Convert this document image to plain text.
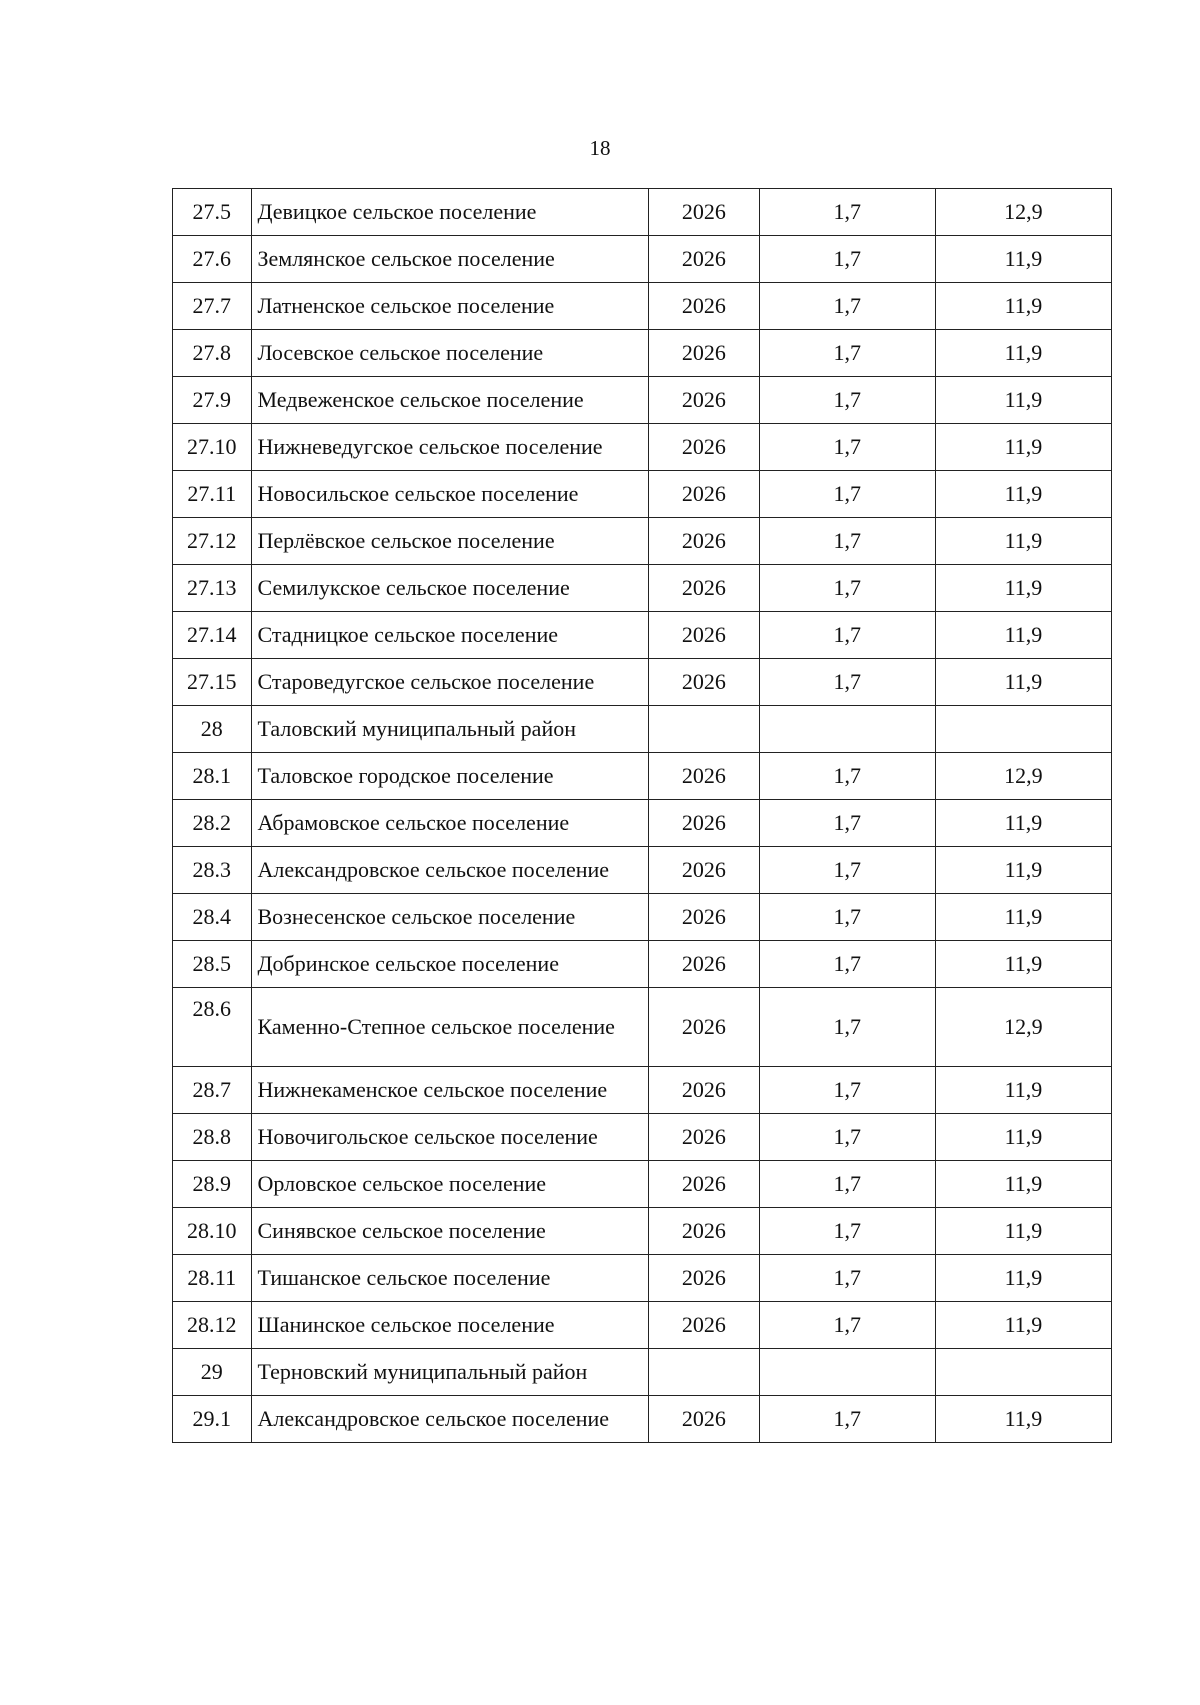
18
27.5	Девицкое сельское поселение	2026	1,7	12,9
27.6	Землянское сельское поселение	2026	1,7	11,9
27.7	Латненское сельское поселение	2026	1,7	11,9
27.8	Лосевское сельское поселение	2026	1,7	11,9
27.9	Медвеженское сельское поселение	2026	1,7	11,9
27.10	Нижневедугское сельское поселение	2026	1,7	11,9
27.11	Новосильское сельское поселение	2026	1,7	11,9
27.12	Перлёвское сельское поселение	2026	1,7	11,9
27.13	Семилукское сельское поселение	2026	1,7	11,9
27.14	Стадницкое сельское поселение	2026	1,7	11,9
27.15	Староведугское сельское поселение	2026	1,7	11,9
28	Таловский муниципальный район			
28.1	Таловское городское поселение	2026	1,7	12,9
28.2	Абрамовское сельское поселение	2026	1,7	11,9
28.3	Александровское сельское поселение	2026	1,7	11,9
28.4	Вознесенское сельское поселение	2026	1,7	11,9
28.5	Добринское сельское поселение	2026	1,7	11,9
28.6	Каменно-Степное сельское поселение	2026	1,7	12,9
28.7	Нижнекаменское сельское поселение	2026	1,7	11,9
28.8	Новочигольское сельское поселение	2026	1,7	11,9
28.9	Орловское сельское поселение	2026	1,7	11,9
28.10	Синявское сельское поселение	2026	1,7	11,9
28.11	Тишанское сельское поселение	2026	1,7	11,9
28.12	Шанинское сельское поселение	2026	1,7	11,9
29	Терновский муниципальный район			
29.1	Александровское сельское поселение	2026	1,7	11,9
